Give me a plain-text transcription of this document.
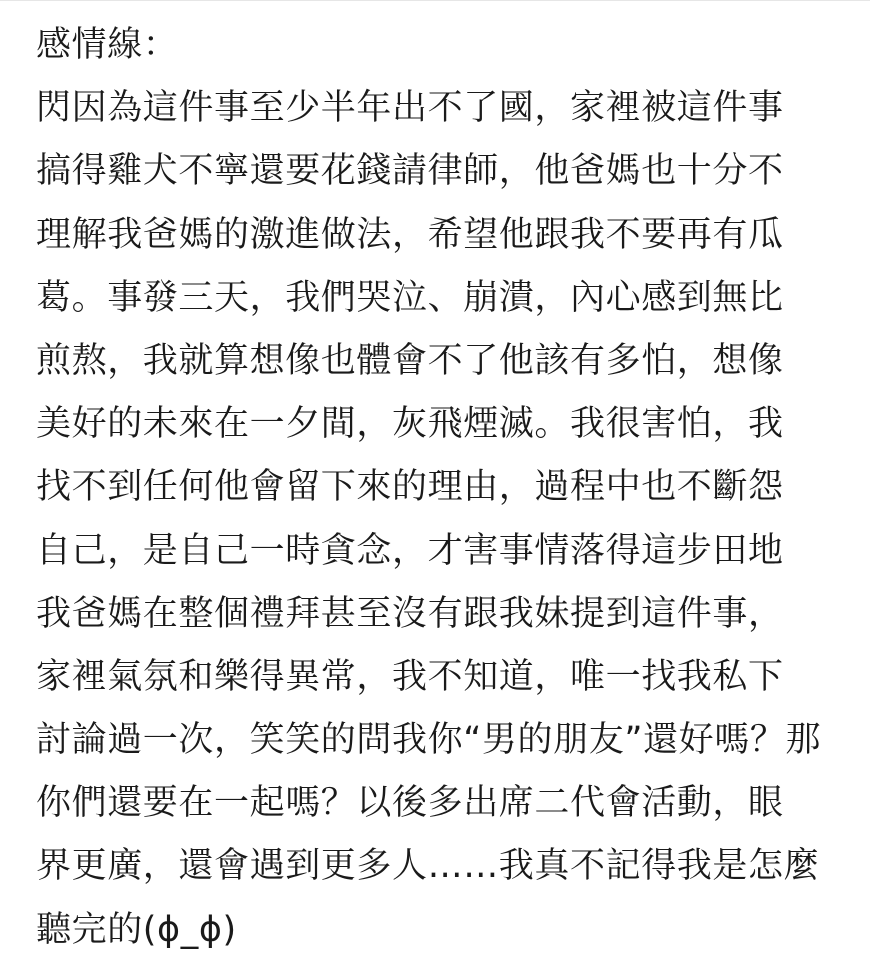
感情線：
閃因為這件事至少半年出不了國，家裡被這件事
搞得雞犬不寧還要花錢請律師，他爸媽也十分不
理解我爸媽的激進做法，希望他跟我不要再有瓜
葛。事發三天，我們哭泣、崩潰，內心感到無比
煎熬，我就算想像也體會不了他該有多怕，想像
美好的未來在一夕間，灰飛煙滅。我很害怕，我
找不到任何他會留下來的理由，過程中也不斷怨
自己，是自己一時貪念，才害事情落得這步田地
我爸媽在整個禮拜甚至沒有跟我妹提到這件事，
家裡氣氛和樂得異常，我不知道，唯一找我私下
討論過一次，笑笑的問我你“男的朋友”還好嗎？那
你們還要在一起嗎？以後多出席二代會活動，眼
界更廣，還會遇到更多人……我真不記得我是怎麼
聽完的(ɸ_ɸ)
